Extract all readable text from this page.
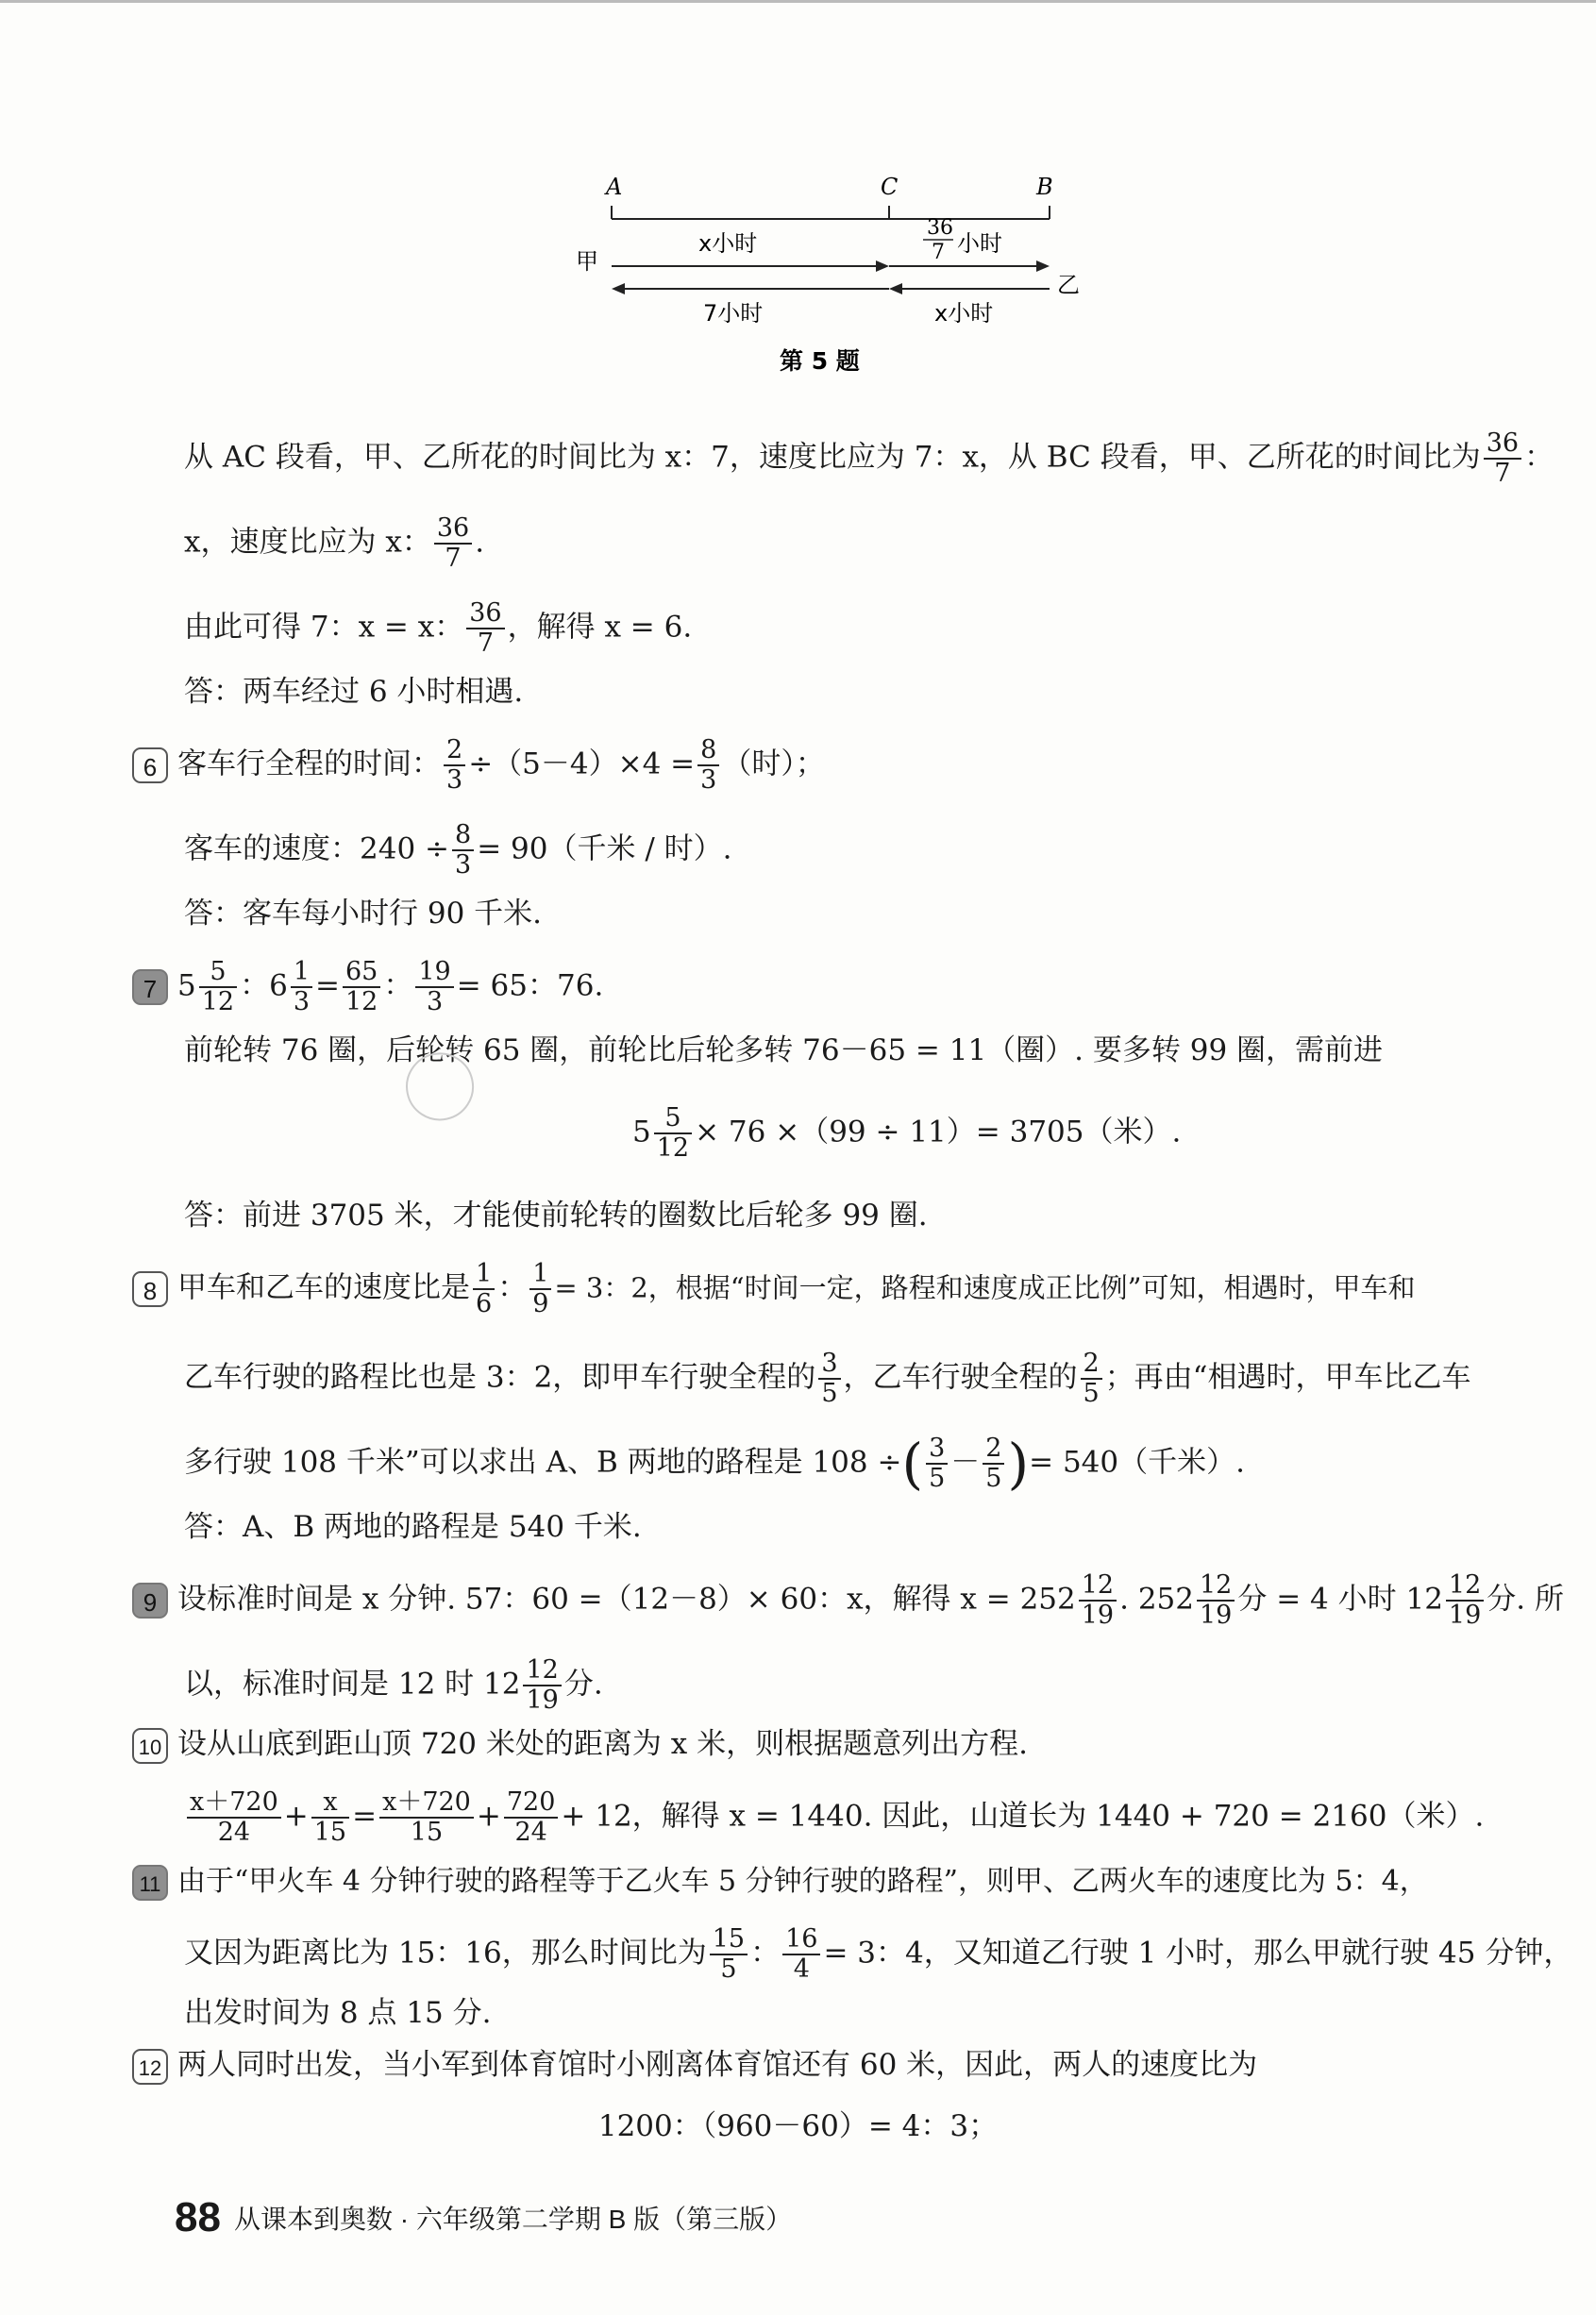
A	C	B
甲
乙
x小时
36
7 小时
7小时	x小时
第 5 题
从 AC 段看，甲、乙所花的时间比为 x：7，速度比应为 7：x，从 BC 段看，甲、乙所花的时间比为 $\frac{36}{7}$ ：
x，速度比应为 x： $\frac{36}{7}$ .
由此可得 7：x = x： $\frac{36}{7}$ ，解得 x = 6.
答：两车经过 6 小时相遇.
6 客车行全程的时间： $\frac{2}{3} \div(5-4)\times 4 = \frac{8}{3}$ （时）；
客车的速度：$240 \div \frac{8}{3} = 90$（千米 / 时）.
答：客车每小时行 90 千米.
7 $5 \frac{5}{12}$ ：$6 \frac{1}{3} = \frac{65}{12}$ ： $\frac{19}{3} = 65$：76.
前轮转 76 圈，后轮转 65 圈，前轮比后轮多转 76－65 = 11（圈）. 要多转 99 圈，需前进
$5 \frac{5}{12} \times 76 \times(99 \div 11)= 3705$（米）.
答：前进 3705 米，才能使前轮转的圈数比后轮多 99 圈.
8 甲车和乙车的速度比是 $\frac{1}{6}$ ： $\frac{1}{9} = 3$：2，根据“时间一定，路程和速度成正比例”可知，相遇时，甲车和
乙车行驶的路程比也是 3：2，即甲车行驶全程的 $\frac{3}{5}$ ，乙车行驶全程的 $\frac{2}{5}$ ；再由“相遇时，甲车比乙车
多行驶 108 千米”可以求出 A、B 两地的路程是 108 ÷( $\frac{3}{5} - \frac{2}{5}$ )= 540（千米）.
答：A、B 两地的路程是 540 千米.
9 设标准时间是 x 分钟. 57：60 =（12－8）× 60：x，解得 $x = 252 \frac{12}{19}$ . $252 \frac{12}{19}$ 分 = 4 小时 $12 \frac{12}{19}$ 分. 所
以，标准时间是 12 时 $12 \frac{12}{19}$ 分.
10 设从山底到距山顶 720 米处的距离为 x 米，则根据题意列出方程.
$\frac{x+720}{24} + \frac{x}{15} = \frac{x+720}{15} + \frac{720}{24} + 12$，解得 x = 1440. 因此，山道长为 1440 + 720 = 2160（米）.
11 由于“甲火车 4 分钟行驶的路程等于乙火车 5 分钟行驶的路程”，则甲、乙两火车的速度比为 5：4，
又因为距离比为 15：16，那么时间比为 $\frac{15}{5}$ ： $\frac{16}{4} = 3$：4，又知道乙行驶 1 小时，那么甲就行驶 45 分钟，
出发时间为 8 点 15 分.
12 两人同时出发，当小军到体育馆时小刚离体育馆还有 60 米，因此，两人的速度比为
1200：（960－60）= 4：3；
88 从课本到奥数 · 六年级第二学期 B 版（第三版）
